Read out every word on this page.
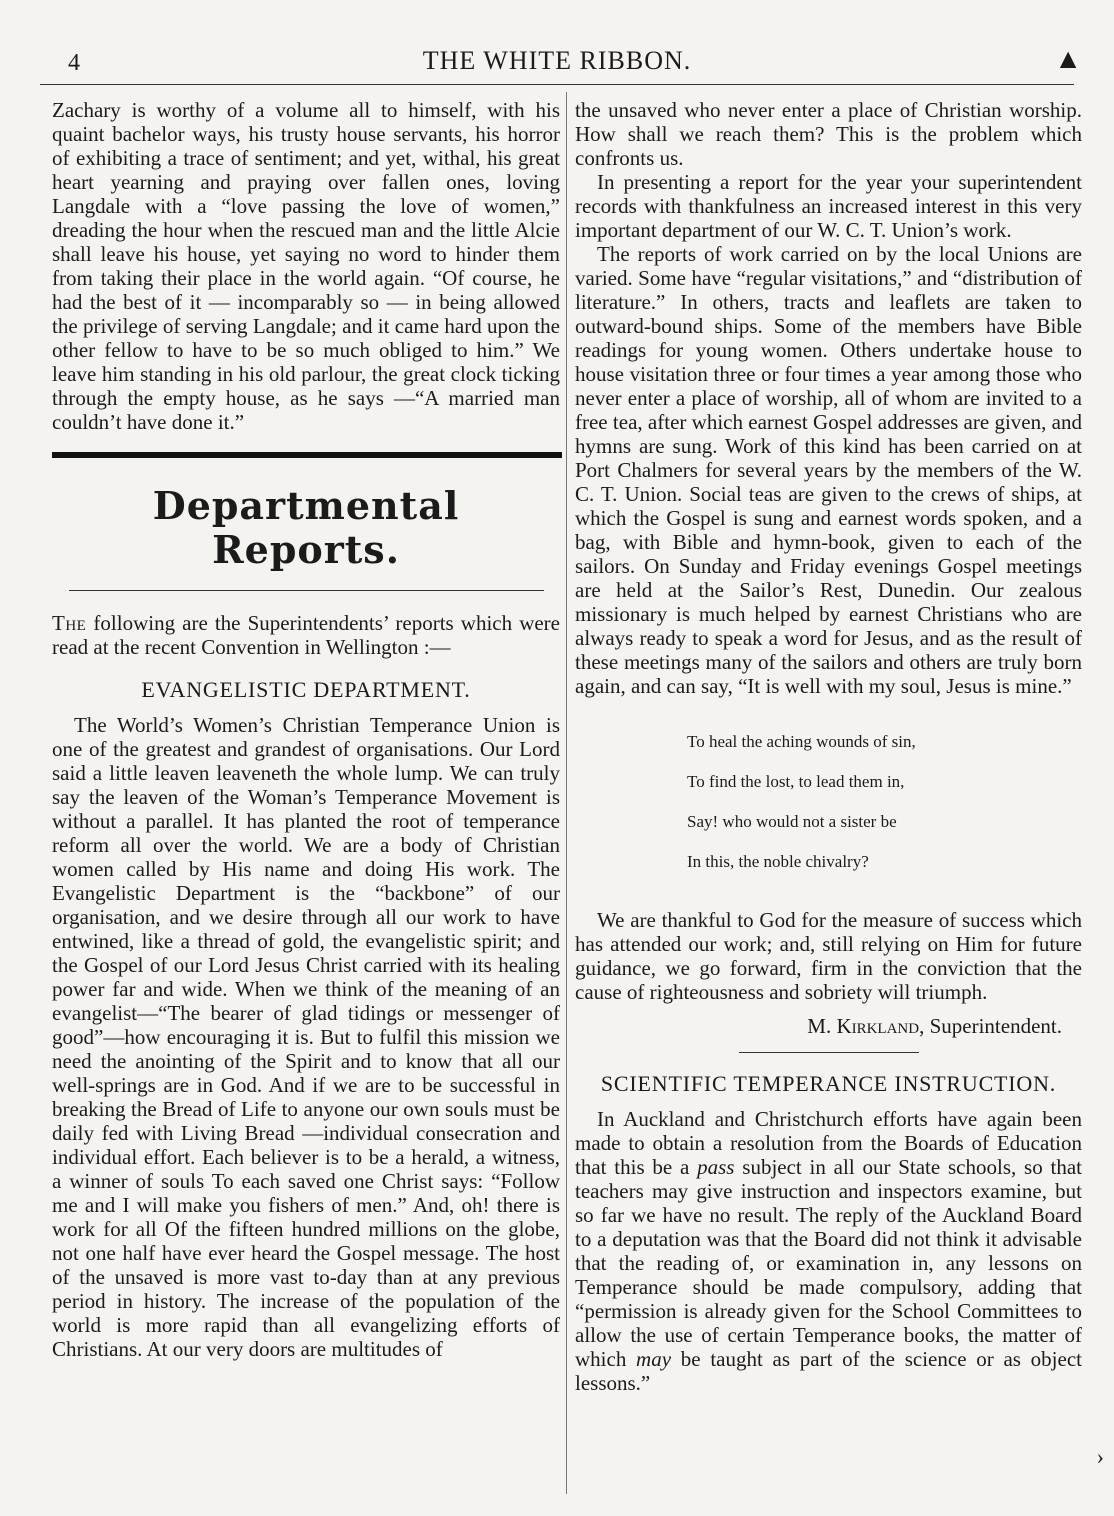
4	THE WHITE RIBBON.	▲

Zachary is worthy of a volume all to himself, with his quaint bachelor ways, his trusty house servants, his horror of exhibiting a trace of sentiment; and yet, withal, his great heart yearning and praying over fallen ones, loving Langdale with a “love passing the love of women,” dreading the hour when the rescued man and the little Alcie shall leave his house, yet saying no word to hinder them from taking their place in the world again. “Of course, he had the best of it — incomparably so — in being allowed the privilege of serving Langdale; and it came hard upon the other fellow to have to be so much obliged to him.” We leave him standing in his old parlour, the great clock ticking through the empty house, as he says —“A married man couldn’t have done it.”

Departmental Reports.

The following are the Superintendents’ reports which were read at the recent Convention in Wellington :—

EVANGELISTIC DEPARTMENT.

The World’s Women’s Christian Temperance Union is one of the greatest and grandest of organisations. Our Lord said a little leaven leaveneth the whole lump. We can truly say the leaven of the Woman’s Temperance Movement is without a parallel. It has planted the root of temperance reform all over the world. We are a body of Christian women called by His name and doing His work. The Evangelistic Department is the “backbone” of our organisation, and we desire through all our work to have entwined, like a thread of gold, the evangelistic spirit; and the Gospel of our Lord Jesus Christ carried with its healing power far and wide. When we think of the meaning of an evangelist—“The bearer of glad tidings or messenger of good”—how encouraging it is. But to fulfil this mission we need the anointing of the Spirit and to know that all our well-springs are in God. And if we are to be successful in breaking the Bread of Life to anyone our own souls must be daily fed with Living Bread —individual consecration and individual effort. Each believer is to be a herald, a witness, a winner of souls To each saved one Christ says: “Follow me and I will make you fishers of men.” And, oh! there is work for all Of the fifteen hundred millions on the globe, not one half have ever heard the Gospel message. The host of the unsaved is more vast to-day than at any previous period in history. The increase of the population of the world is more rapid than all evangelizing efforts of Christians. At our very doors are multitudes of

the unsaved who never enter a place of Christian worship. How shall we reach them? This is the problem which confronts us.

In presenting a report for the year your superintendent records with thankfulness an increased interest in this very important department of our W. C. T. Union’s work.

The reports of work carried on by the local Unions are varied. Some have “regular visitations,” and “distribution of literature.” In others, tracts and leaflets are taken to outward-bound ships. Some of the members have Bible readings for young women. Others undertake house to house visitation three or four times a year among those who never enter a place of worship, all of whom are invited to a free tea, after which earnest Gospel addresses are given, and hymns are sung. Work of this kind has been carried on at Port Chalmers for several years by the members of the W. C. T. Union. Social teas are given to the crews of ships, at which the Gospel is sung and earnest words spoken, and a bag, with Bible and hymn-book, given to each of the sailors. On Sunday and Friday evenings Gospel meetings are held at the Sailor’s Rest, Dunedin. Our zealous missionary is much helped by earnest Christians who are always ready to speak a word for Jesus, and as the result of these meetings many of the sailors and others are truly born again, and can say, “It is well with my soul, Jesus is mine.”

To heal the aching wounds of sin,

To find the lost, to lead them in,

Say! who would not a sister be

In this, the noble chivalry?

We are thankful to God for the measure of success which has attended our work; and, still relying on Him for future guidance, we go forward, firm in the conviction that the cause of righteousness and sobriety will triumph.

M. Kirkland, Superintendent.
SCIENTIFIC TEMPERANCE INSTRUCTION.

In Auckland and Christchurch efforts have again been made to obtain a resolution from the Boards of Education that this be a pass subject in all our State schools, so that teachers may give instruction and inspectors examine, but so far we have no result. The reply of the Auckland Board to a deputation was that the Board did not think it advisable that the reading of, or examination in, any lessons on Temperance should be made compulsory, adding that “permission is already given for the School Committees to allow the use of certain Temperance books, the matter of which may be taught as part of the science or as object lessons.”

›
